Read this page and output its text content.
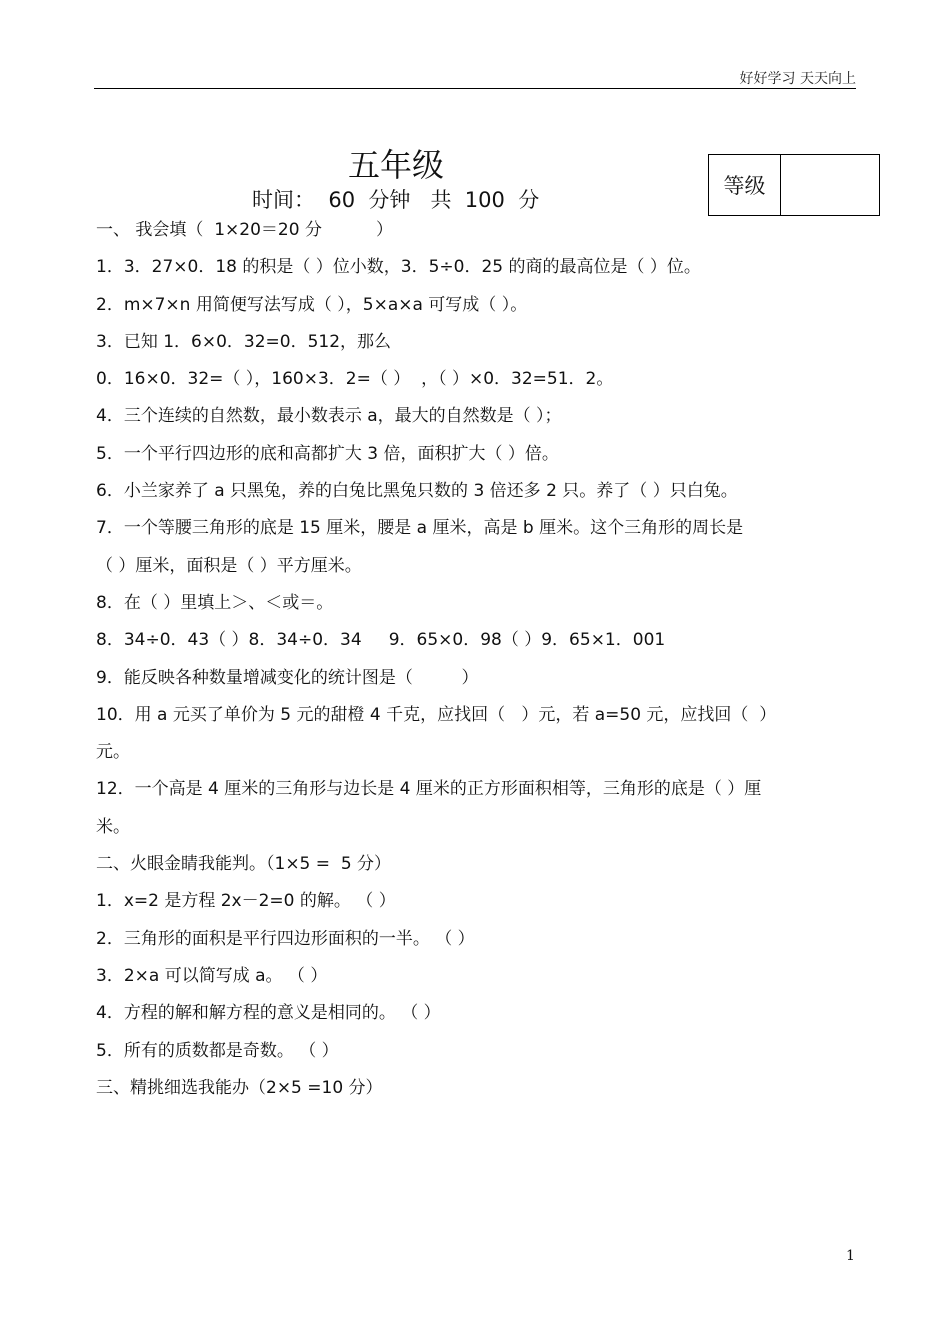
好好学习 天天向上
五年级
时间：  60  分钟   共  100  分
等级
一、 我会填（  1×20＝20 分          ）
1．3．27×0．18 的积是（ ）位小数，3．5÷0．25 的商的最高位是（ ）位。
2．m×7×n 用简便写法写成（ ），5×a×a 可写成（ ）。
3．已知 1．6×0．32=0．512，那么
0．16×0．32=（ ），160×3．2=（ ）  ，（ ）×0．32=51．2。
4．三个连续的自然数，最小数表示 a，最大的自然数是（ ）；
5．一个平行四边形的底和高都扩大 3 倍，面积扩大（ ）倍。
6．小兰家养了 a 只黑兔，养的白兔比黑兔只数的 3 倍还多 2 只。养了（ ）只白兔。
7．一个等腰三角形的底是 15 厘米，腰是 a 厘米，高是 b 厘米。这个三角形的周长是
（ ）厘米，面积是（ ）平方厘米。
8．在（ ）里填上＞、＜或＝。
8．34÷0．43（ ）8．34÷0．34     9．65×0．98（ ）9．65×1．001
9．能反映各种数量增减变化的统计图是（         ）
10．用 a 元买了单价为 5 元的甜橙 4 千克，应找回（   ）元，若 a=50 元，应找回（  ）
元。
12．一个高是 4 厘米的三角形与边长是 4 厘米的正方形面积相等，三角形的底是（ ）厘
米。
二、火眼金睛我能判。（1×5 =  5 分）
1．x=2 是方程 2x－2=0 的解。 （ ）
2．三角形的面积是平行四边形面积的一半。 （ ）
3．2×a 可以简写成 a。 （ ）
4．方程的解和解方程的意义是相同的。 （ ）
5．所有的质数都是奇数。 （ ）
三、精挑细选我能办（2×5 =10 分）
1
